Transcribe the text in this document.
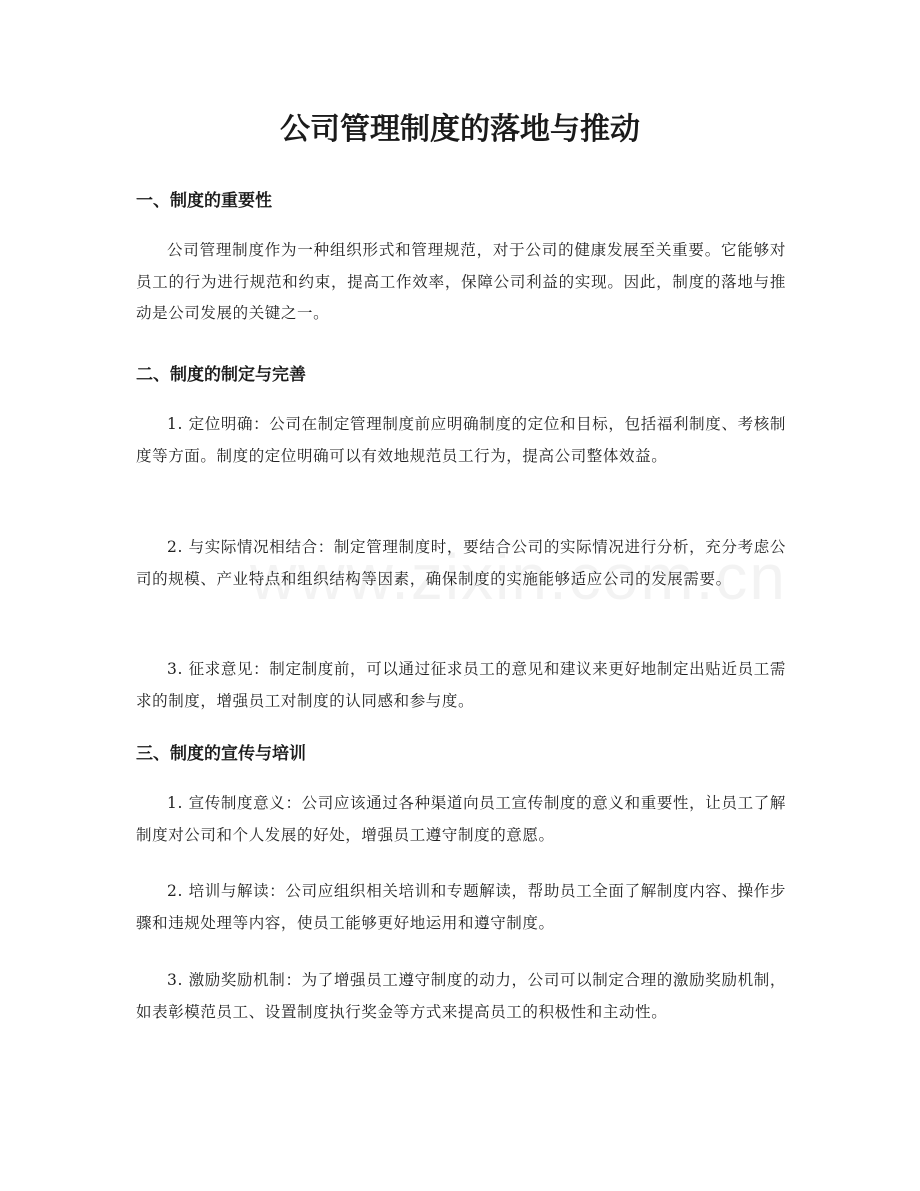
公司管理制度的落地与推动
一、制度的重要性

公司管理制度作为一种组织形式和管理规范，对于公司的健康发展至关重要。它能够对员工的行为进行规范和约束，提高工作效率，保障公司利益的实现。因此，制度的落地与推动是公司发展的关键之一。

二、制度的制定与完善

1. 定位明确：公司在制定管理制度前应明确制度的定位和目标，包括福利制度、考核制度等方面。制度的定位明确可以有效地规范员工行为，提高公司整体效益。

2. 与实际情况相结合：制定管理制度时，要结合公司的实际情况进行分析，充分考虑公司的规模、产业特点和组织结构等因素，确保制度的实施能够适应公司的发展需要。

3. 征求意见：制定制度前，可以通过征求员工的意见和建议来更好地制定出贴近员工需求的制度，增强员工对制度的认同感和参与度。

三、制度的宣传与培训

1. 宣传制度意义：公司应该通过各种渠道向员工宣传制度的意义和重要性，让员工了解制度对公司和个人发展的好处，增强员工遵守制度的意愿。

2. 培训与解读：公司应组织相关培训和专题解读，帮助员工全面了解制度内容、操作步骤和违规处理等内容，使员工能够更好地运用和遵守制度。

3. 激励奖励机制：为了增强员工遵守制度的动力，公司可以制定合理的激励奖励机制，如表彰模范员工、设置制度执行奖金等方式来提高员工的积极性和主动性。
